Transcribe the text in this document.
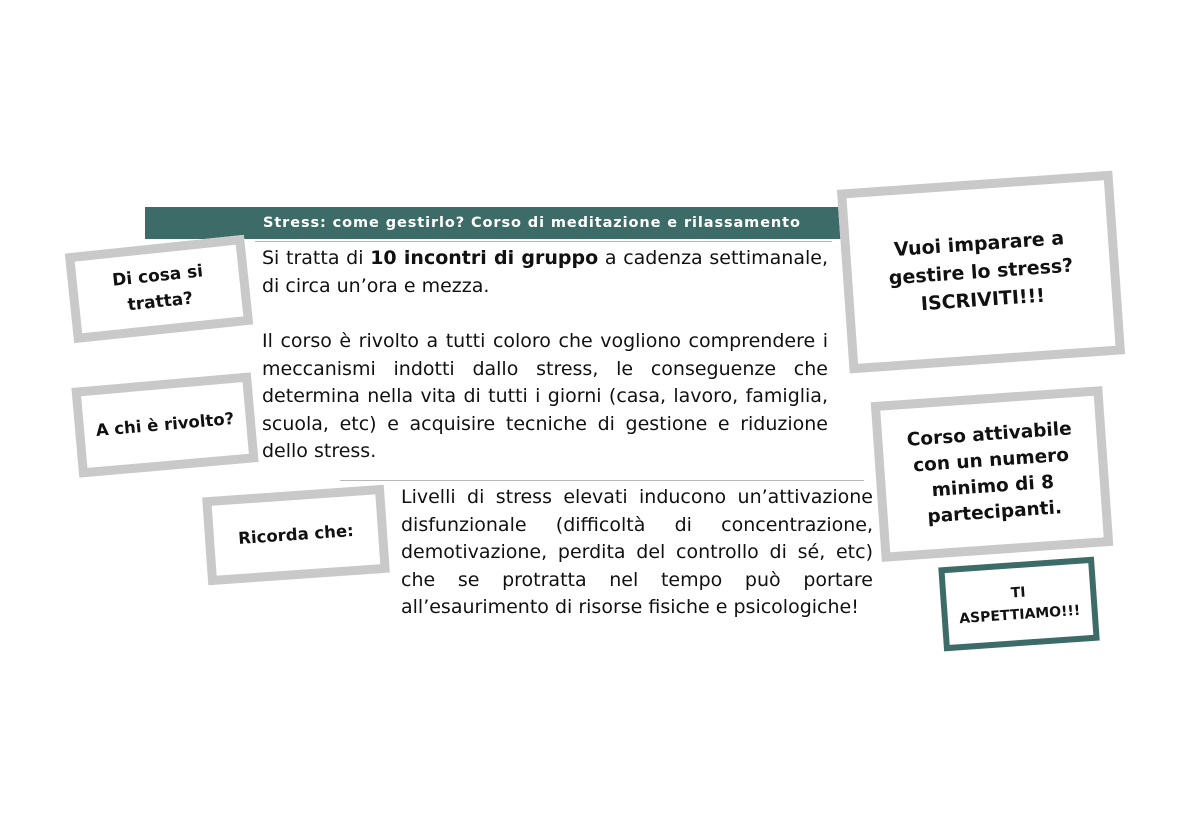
Stress: come gestirlo? Corso di meditazione e rilassamento
Si tratta di 10 incontri di gruppo a cadenza settimanale, di circa un’ora e mezza.
Il corso è rivolto a tutti coloro che vogliono comprendere i meccanismi indotti dallo stress, le conseguenze che determina nella vita di tutti i giorni (casa, lavoro, famiglia, scuola, etc) e acquisire tecniche di gestione e riduzione dello stress.
Livelli di stress elevati inducono un’attivazione disfunzionale (difficoltà di concentrazione, demotivazione, perdita del controllo di sé, etc) che se protratta nel tempo può portare all’esaurimento di risorse fisiche e psicologiche!
Di cosa si tratta?
A chi è rivolto?
Ricorda che:
Vuoi imparare a gestire lo stress? ISCRIVITI!!!
Corso attivabile con un numero minimo di 8 partecipanti.
TI ASPETTIAMO!!!
